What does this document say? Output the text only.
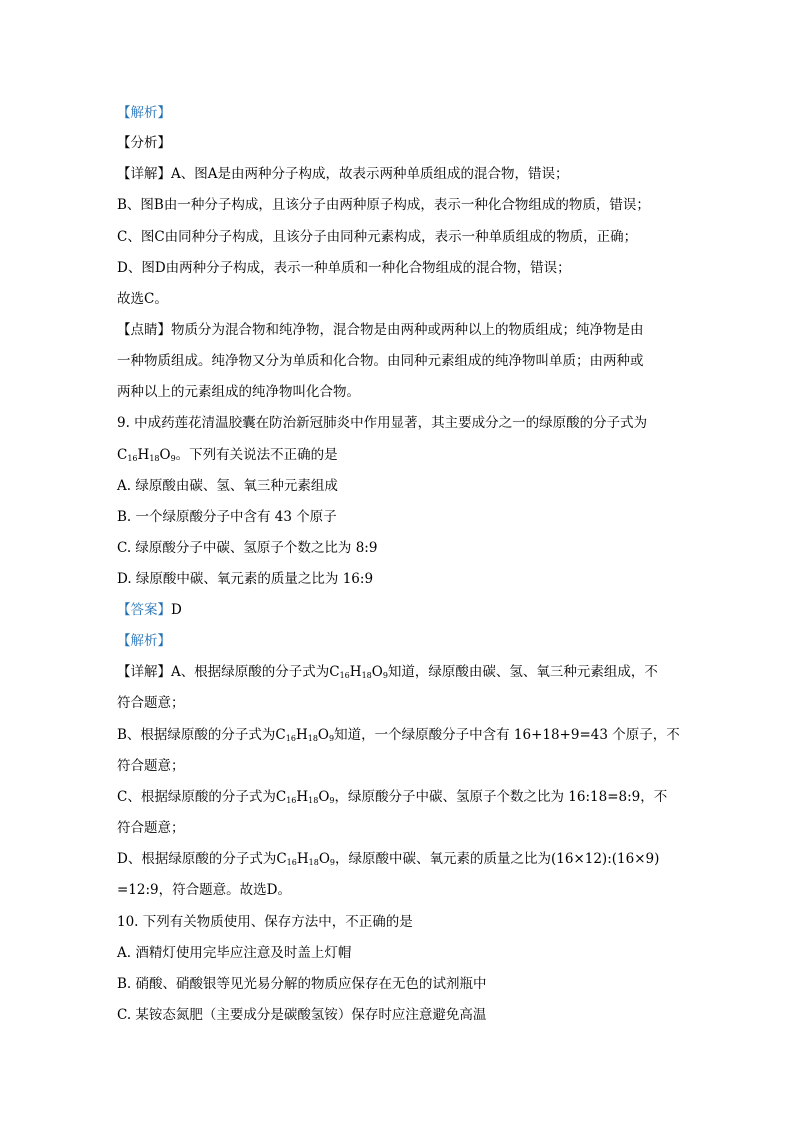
【解析】
【分析】
【详解】A、图A是由两种分子构成，故表示两种单质组成的混合物，错误；
B、图B由一种分子构成，且该分子由两种原子构成，表示一种化合物组成的物质，错误；
C、图C由同种分子构成，且该分子由同种元素构成，表示一种单质组成的物质，正确；
D、图D由两种分子构成，表示一种单质和一种化合物组成的混合物，错误；
故选C。
【点睛】物质分为混合物和纯净物，混合物是由两种或两种以上的物质组成；纯净物是由
一种物质组成。纯净物又分为单质和化合物。由同种元素组成的纯净物叫单质；由两种或
两种以上的元素组成的纯净物叫化合物。
9. 中成药莲花清温胶囊在防治新冠肺炎中作用显著，其主要成分之一的绿原酸的分子式为
$C_{16}H_{18}O_9$。下列有关说法不正确的是
A. 绿原酸由碳、氢、氧三种元素组成
B. 一个绿原酸分子中含有 43 个原子
C. 绿原酸分子中碳、氢原子个数之比为 8:9
D. 绿原酸中碳、氧元素的质量之比为 16:9
【答案】D
【解析】
【详解】A、根据绿原酸的分子式为$C_{16}H_{18}O_9$知道，绿原酸由碳、氢、氧三种元素组成，不
符合题意；
B、根据绿原酸的分子式为$C_{16}H_{18}O_9$知道，一个绿原酸分子中含有 16+18+9=43 个原子，不
符合题意；
C、根据绿原酸的分子式为$C_{16}H_{18}O_9$，绿原酸分子中碳、氢原子个数之比为 16:18=8:9，不
符合题意；
D、根据绿原酸的分子式为$C_{16}H_{18}O_9$，绿原酸中碳、氧元素的质量之比为(16×12):(16×9)
=12:9，符合题意。故选D。
10. 下列有关物质使用、保存方法中，不正确的是
A. 酒精灯使用完毕应注意及时盖上灯帽
B. 硝酸、硝酸银等见光易分解的物质应保存在无色的试剂瓶中
C. 某铵态氮肥（主要成分是碳酸氢铵）保存时应注意避免高温
